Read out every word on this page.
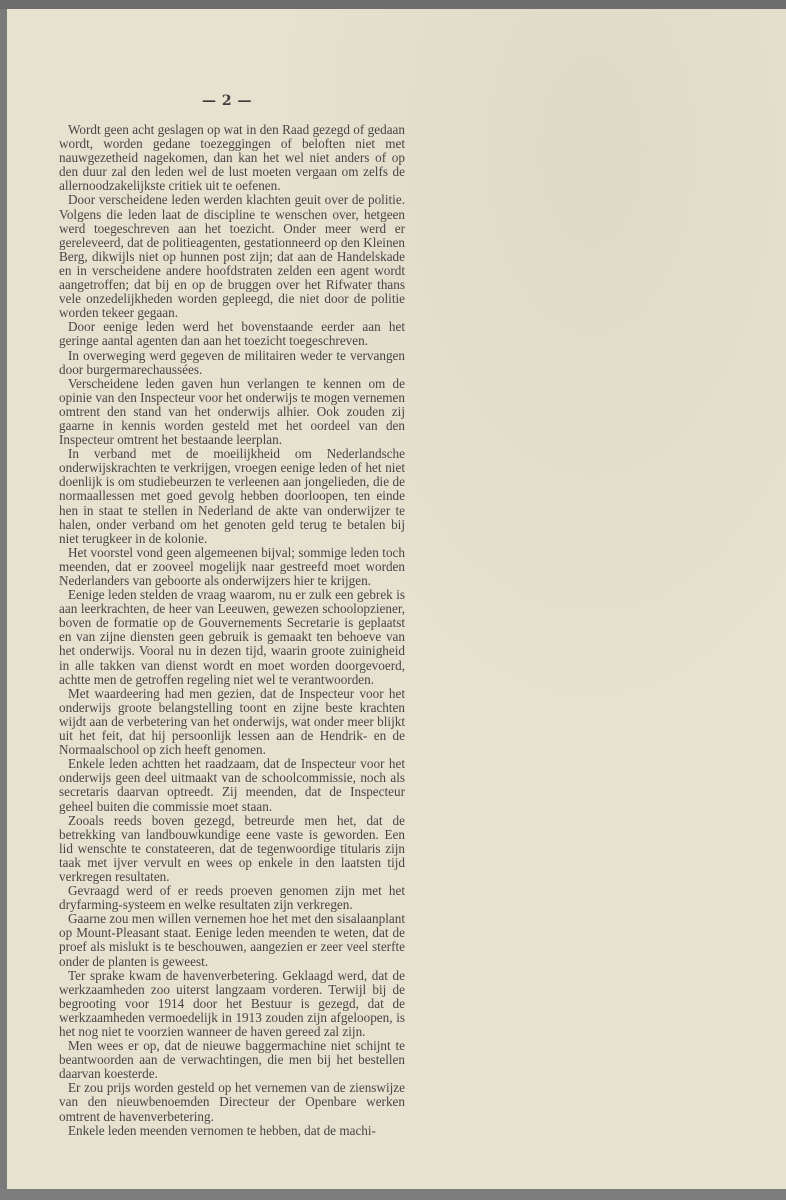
— 2 —

Wordt geen acht geslagen op wat in den Raad gezegd of gedaan wordt, worden gedane toezeggingen of beloften niet met nauwgezetheid nagekomen, dan kan het wel niet anders of op den duur zal den leden wel de lust moeten vergaan om zelfs de allernoodzakelijkste critiek uit te oefenen.

Door verscheidene leden werden klachten geuit over de politie. Volgens die leden laat de discipline te wenschen over, hetgeen werd toegeschreven aan het toezicht. Onder meer werd er gereleveerd, dat de politieagenten, gestationneerd op den Kleinen Berg, dikwijls niet op hunnen post zijn; dat aan de Handelskade en in verscheidene andere hoofdstraten zelden een agent wordt aangetroffen; dat bij en op de bruggen over het Rifwater thans vele onzedelijkheden worden gepleegd, die niet door de politie worden tekeer gegaan.

Door eenige leden werd het bovenstaande eerder aan het geringe aantal agenten dan aan het toezicht toegeschreven.

In overweging werd gegeven de militairen weder te vervangen door burgermarechaussées.

Verscheidene leden gaven hun verlangen te kennen om de opinie van den Inspecteur voor het onderwijs te mogen vernemen omtrent den stand van het onderwijs alhier. Ook zouden zij gaarne in kennis worden gesteld met het oordeel van den Inspecteur omtrent het bestaande leerplan.

In verband met de moeilijkheid om Nederlandsche onderwijskrachten te verkrijgen, vroegen eenige leden of het niet doenlijk is om studiebeurzen te verleenen aan jongelieden, die de normaallessen met goed gevolg hebben doorloopen, ten einde hen in staat te stellen in Nederland de akte van onderwijzer te halen, onder verband om het genoten geld terug te betalen bij niet terugkeer in de kolonie.

Het voorstel vond geen algemeenen bijval; sommige leden toch meenden, dat er zooveel mogelijk naar gestreefd moet worden Nederlanders van geboorte als onderwijzers hier te krijgen.

Eenige leden stelden de vraag waarom, nu er zulk een gebrek is aan leerkrachten, de heer van Leeuwen, gewezen schoolopziener, boven de formatie op de Gouvernements Secretarie is geplaatst en van zijne diensten geen gebruik is gemaakt ten behoeve van het onderwijs. Vooral nu in dezen tijd, waarin groote zuinigheid in alle takken van dienst wordt en moet worden doorgevoerd, achtte men de getroffen regeling niet wel te verantwoorden.

Met waardeering had men gezien, dat de Inspecteur voor het onderwijs groote belangstelling toont en zijne beste krachten wijdt aan de verbetering van het onderwijs, wat onder meer blijkt uit het feit, dat hij persoonlijk lessen aan de Hendrik- en de Normaalschool op zich heeft genomen.

Enkele leden achtten het raadzaam, dat de Inspecteur voor het onderwijs geen deel uitmaakt van de schoolcommissie, noch als secretaris daarvan optreedt. Zij meenden, dat de Inspecteur geheel buiten die commissie moet staan.

Zooals reeds boven gezegd, betreurde men het, dat de betrekking van landbouwkundige eene vaste is geworden. Een lid wenschte te constateeren, dat de tegenwoordige titularis zijn taak met ijver vervult en wees op enkele in den laatsten tijd verkregen resultaten.

Gevraagd werd of er reeds proeven genomen zijn met het dryfarming-systeem en welke resultaten zijn verkregen.

Gaarne zou men willen vernemen hoe het met den sisalaanplant op Mount-Pleasant staat. Eenige leden meenden te weten, dat de proef als mislukt is te beschouwen, aangezien er zeer veel sterfte onder de planten is geweest.

Ter sprake kwam de havenverbetering. Geklaagd werd, dat de werkzaamheden zoo uiterst langzaam vorderen. Terwijl bij de begrooting voor 1914 door het Bestuur is gezegd, dat de werkzaamheden vermoedelijk in 1913 zouden zijn afgeloopen, is het nog niet te voorzien wanneer de haven gereed zal zijn.

Men wees er op, dat de nieuwe baggermachine niet schijnt te beantwoorden aan de verwachtingen, die men bij het bestellen daarvan koesterde.

Er zou prijs worden gesteld op het vernemen van de zienswijze van den nieuwbenoemden Directeur der Openbare werken omtrent de havenverbetering.

Enkele leden meenden vernomen te hebben, dat de machi-
